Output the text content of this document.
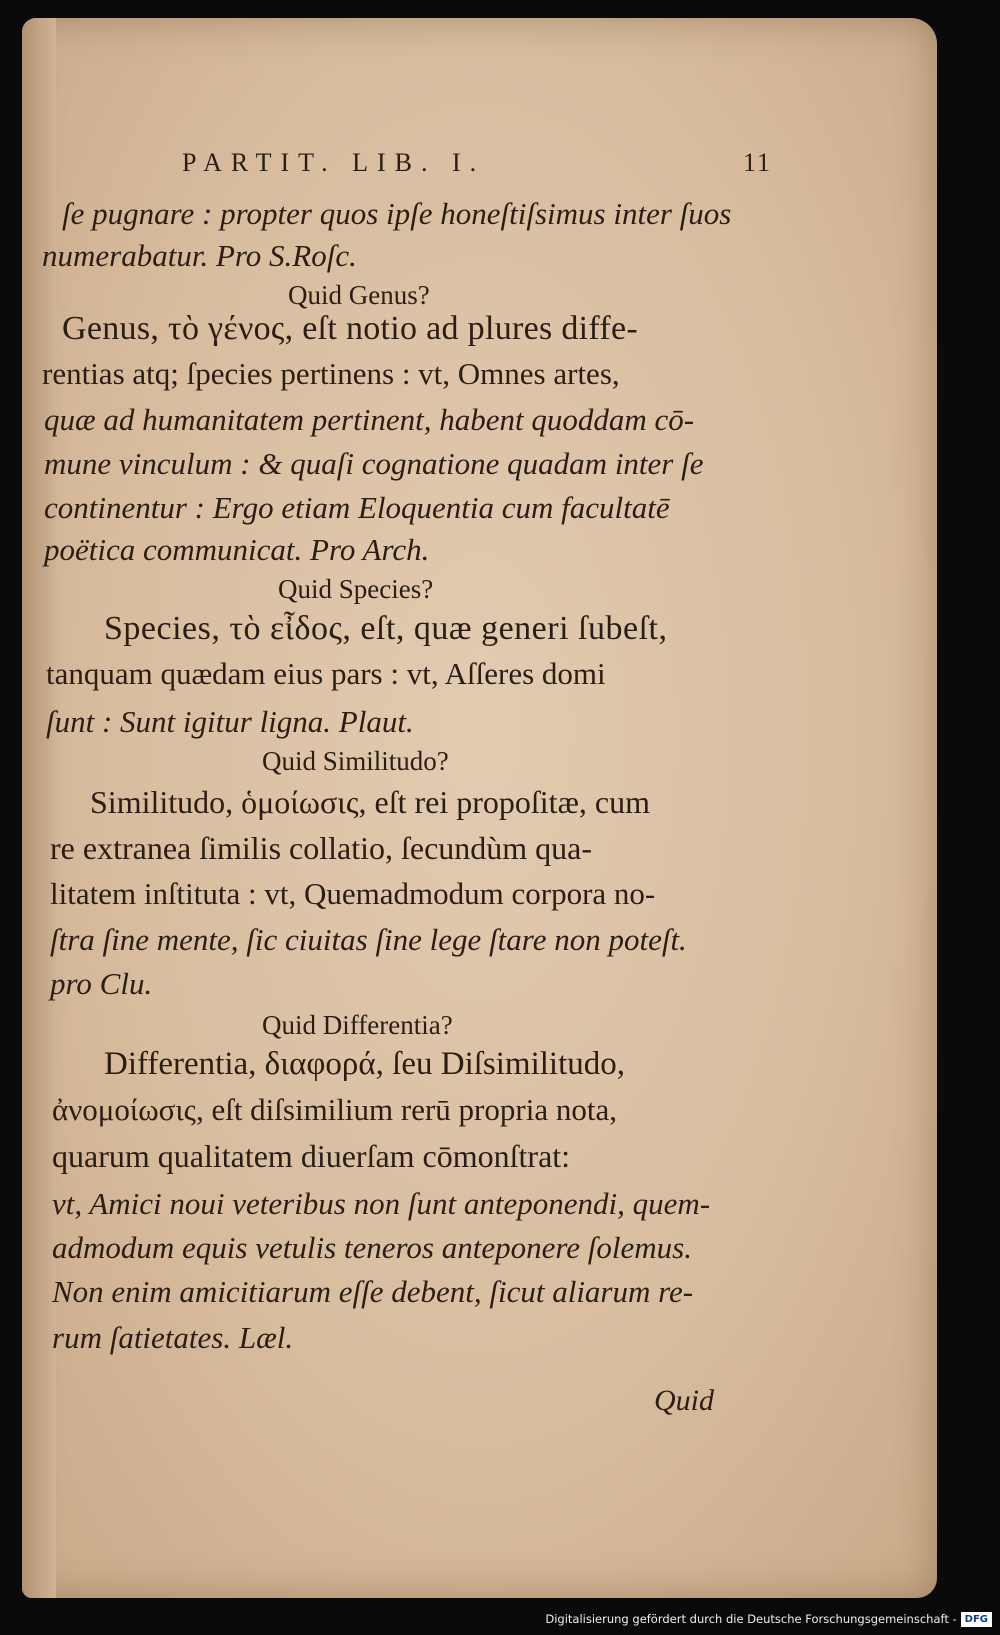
PARTIT. LIB. I.	11

ſe pugnare : propter quos ipſe honeſtiſsimus inter ſuos

numerabatur. Pro S.Roſc.

Quid Genus?

Genus, τὸ γένος, eſt notio ad plures diffe-

rentias atq; ſpecies pertinens : vt, Omnes artes,

quæ ad humanitatem pertinent, habent quoddam cō-

mune vinculum : & quaſi cognatione quadam inter ſe

continentur : Ergo etiam Eloquentia cum facultatē

poëtica communicat. Pro Arch.

Quid Species?

Species, τὸ εἶδος, eſt, quæ generi ſubeſt,

tanquam quædam eius pars : vt, Aſſeres domi

ſunt : Sunt igitur ligna. Plaut.

Quid Similitudo?

Similitudo, ὁμοίωσις, eſt rei propoſitæ, cum

re extranea ſimilis collatio, ſecundùm qua-

litatem inſtituta : vt, Quemadmodum corpora no-

ſtra ſine mente, ſic ciuitas ſine lege ſtare non poteſt.

pro Clu.

Quid Differentia?

Differentia, διαφορά, ſeu Diſsimilitudo,

ἀνομοίωσις, eſt diſsimilium rerū propria nota,

quarum qualitatem diuerſam cōmonſtrat:

vt, Amici noui veteribus non ſunt anteponendi, quem-

admodum equis vetulis teneros anteponere ſolemus.

Non enim amicitiarum eſſe debent, ſicut aliarum re-

rum ſatietates. Læl.

Quid

Digitalisierung gefördert durch die Deutsche Forschungsgemeinschaft - DFG
